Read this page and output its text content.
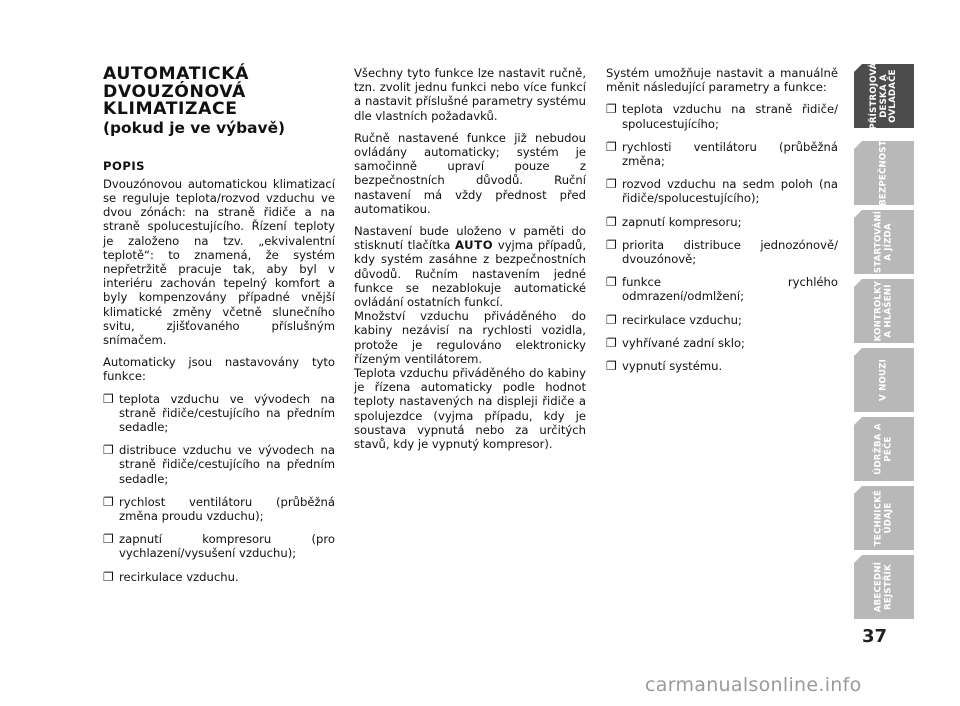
AUTOMATICKÁ
DVOUZÓNOVÁ
KLIMATIZACE
(pokud je ve výbavě)
POPIS

Dvouzónovou automatickou klimatizací se reguluje teplota/rozvod vzduchu ve dvou zónách: na straně řidiče a na straně spolucestujícího. Řízení teploty je založeno na tzv. „ekvivalentní teplotě“: to znamená, že systém nepřetržitě pracuje tak, aby byl v interiéru zachován tepelný komfort a byly kompenzovány případné vnější klimatické změny včetně slunečního svitu, zjišťovaného příslušným snímačem.

Automaticky jsou nastavovány tyto funkce:

❐ teplota vzduchu ve vývodech na straně řidiče/cestujícího na předním sedadle;
❐ distribuce vzduchu ve vývodech na straně řidiče/cestujícího na předním sedadle;
❐ rychlost ventilátoru (průběžná změna proudu vzduchu);
❐ zapnutí kompresoru (pro vychlazení/vysušení vzduchu);
❐ recirkulace vzduchu.

Všechny tyto funkce lze nastavit ručně, tzn. zvolit jednu funkci nebo více funkcí a nastavit příslušné parametry systému dle vlastních požadavků.

Ručně nastavené funkce již nebudou ovládány automaticky; systém je samočinně upraví pouze z bezpečnostních důvodů. Ruční nastavení má vždy přednost před automatikou.

Nastavení bude uloženo v paměti do stisknutí tlačítka AUTO vyjma případů, kdy systém zasáhne z bezpečnostních důvodů. Ručním nastavením jedné funkce se nezablokuje automatické ovládání ostatních funkcí.

Množství vzduchu přiváděného do kabiny nezávisí na rychlosti vozidla, protože je regulováno elektronicky řízeným ventilátorem.

Teplota vzduchu přiváděného do kabiny je řízena automaticky podle hodnot teploty nastavených na displeji řidiče a spolujezdce (vyjma případu, kdy je soustava vypnutá nebo za určitých stavů, kdy je vypnutý kompresor).

Systém umožňuje nastavit a manuálně měnit následující parametry a funkce:

❐ teplota vzduchu na straně řidiče/ spolucestujícího;
❐ rychlosti ventilátoru (průběžná změna;
❐ rozvod vzduchu na sedm poloh (na řidiče/spolucestujícího);
❐ zapnutí kompresoru;
❐ priorita distribuce jednozónově/ dvouzónově;
❐ funkce rychlého odmrazení/odmlžení;
❐ recirkulace vzduchu;
❐ vyhřívané zadní sklo;
❐ vypnutí systému.
PŘÍSTROJOVÁ
DESKA A
OVLADAČE
BEZPEČNOST
STARTOVÁNÍ
A JÍZDA
KONTROLKY
A HLÁŠENÍ
V NOUZI
ÚDRŽBA A
PÉČE
TECHNICKÉ
ÚDAJE
ABECEDNÍ
REJSTŘÍK
37
carmanualsonline.info
